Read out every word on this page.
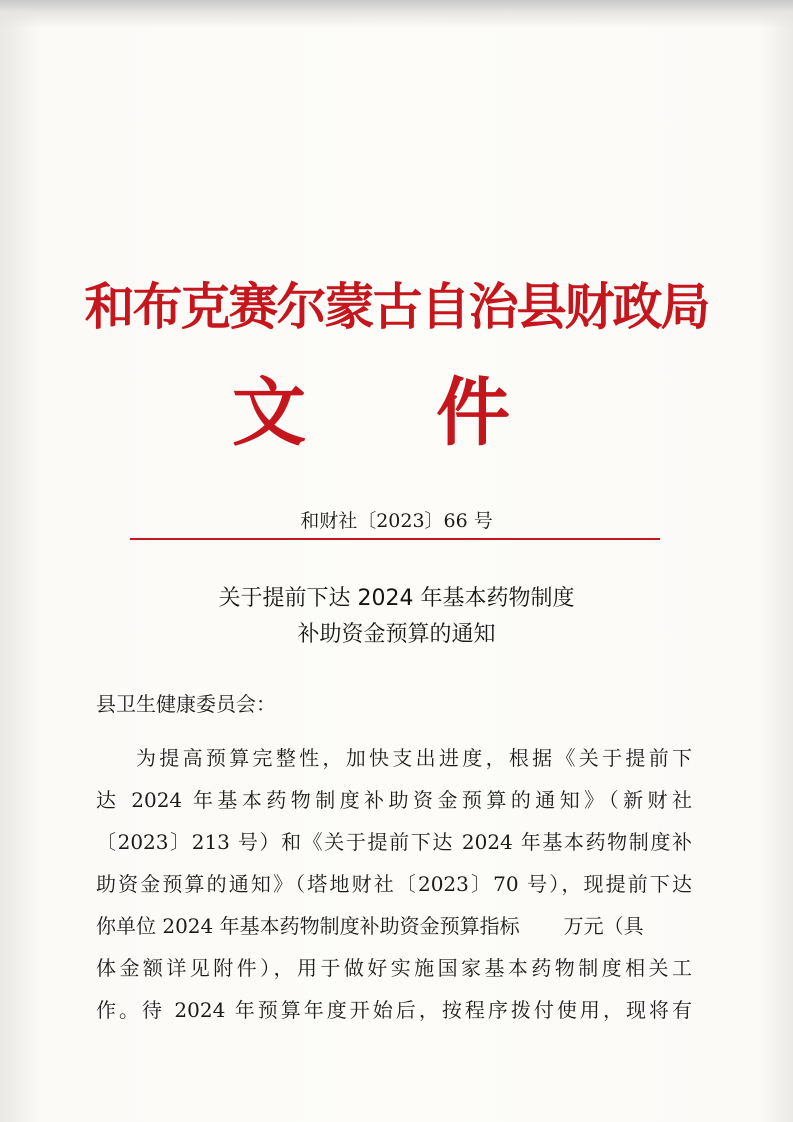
和布克赛尔蒙古自治县财政局
文 件
和财社〔2023〕66 号
关于提前下达 2024 年基本药物制度
补助资金预算的通知
县卫生健康委员会：
为提高预算完整性，加快支出进度，根据《关于提前下
达 2024 年基本药物制度补助资金预算的通知》（新财社
〔2023〕213 号）和《关于提前下达 2024 年基本药物制度补
助资金预算的通知》（塔地财社〔2023〕70 号），现提前下达
你单位 2024 年基本药物制度补助资金预算指标 万元（具
体金额详见附件），用于做好实施国家基本药物制度相关工
作。待 2024 年预算年度开始后，按程序拨付使用，现将有
